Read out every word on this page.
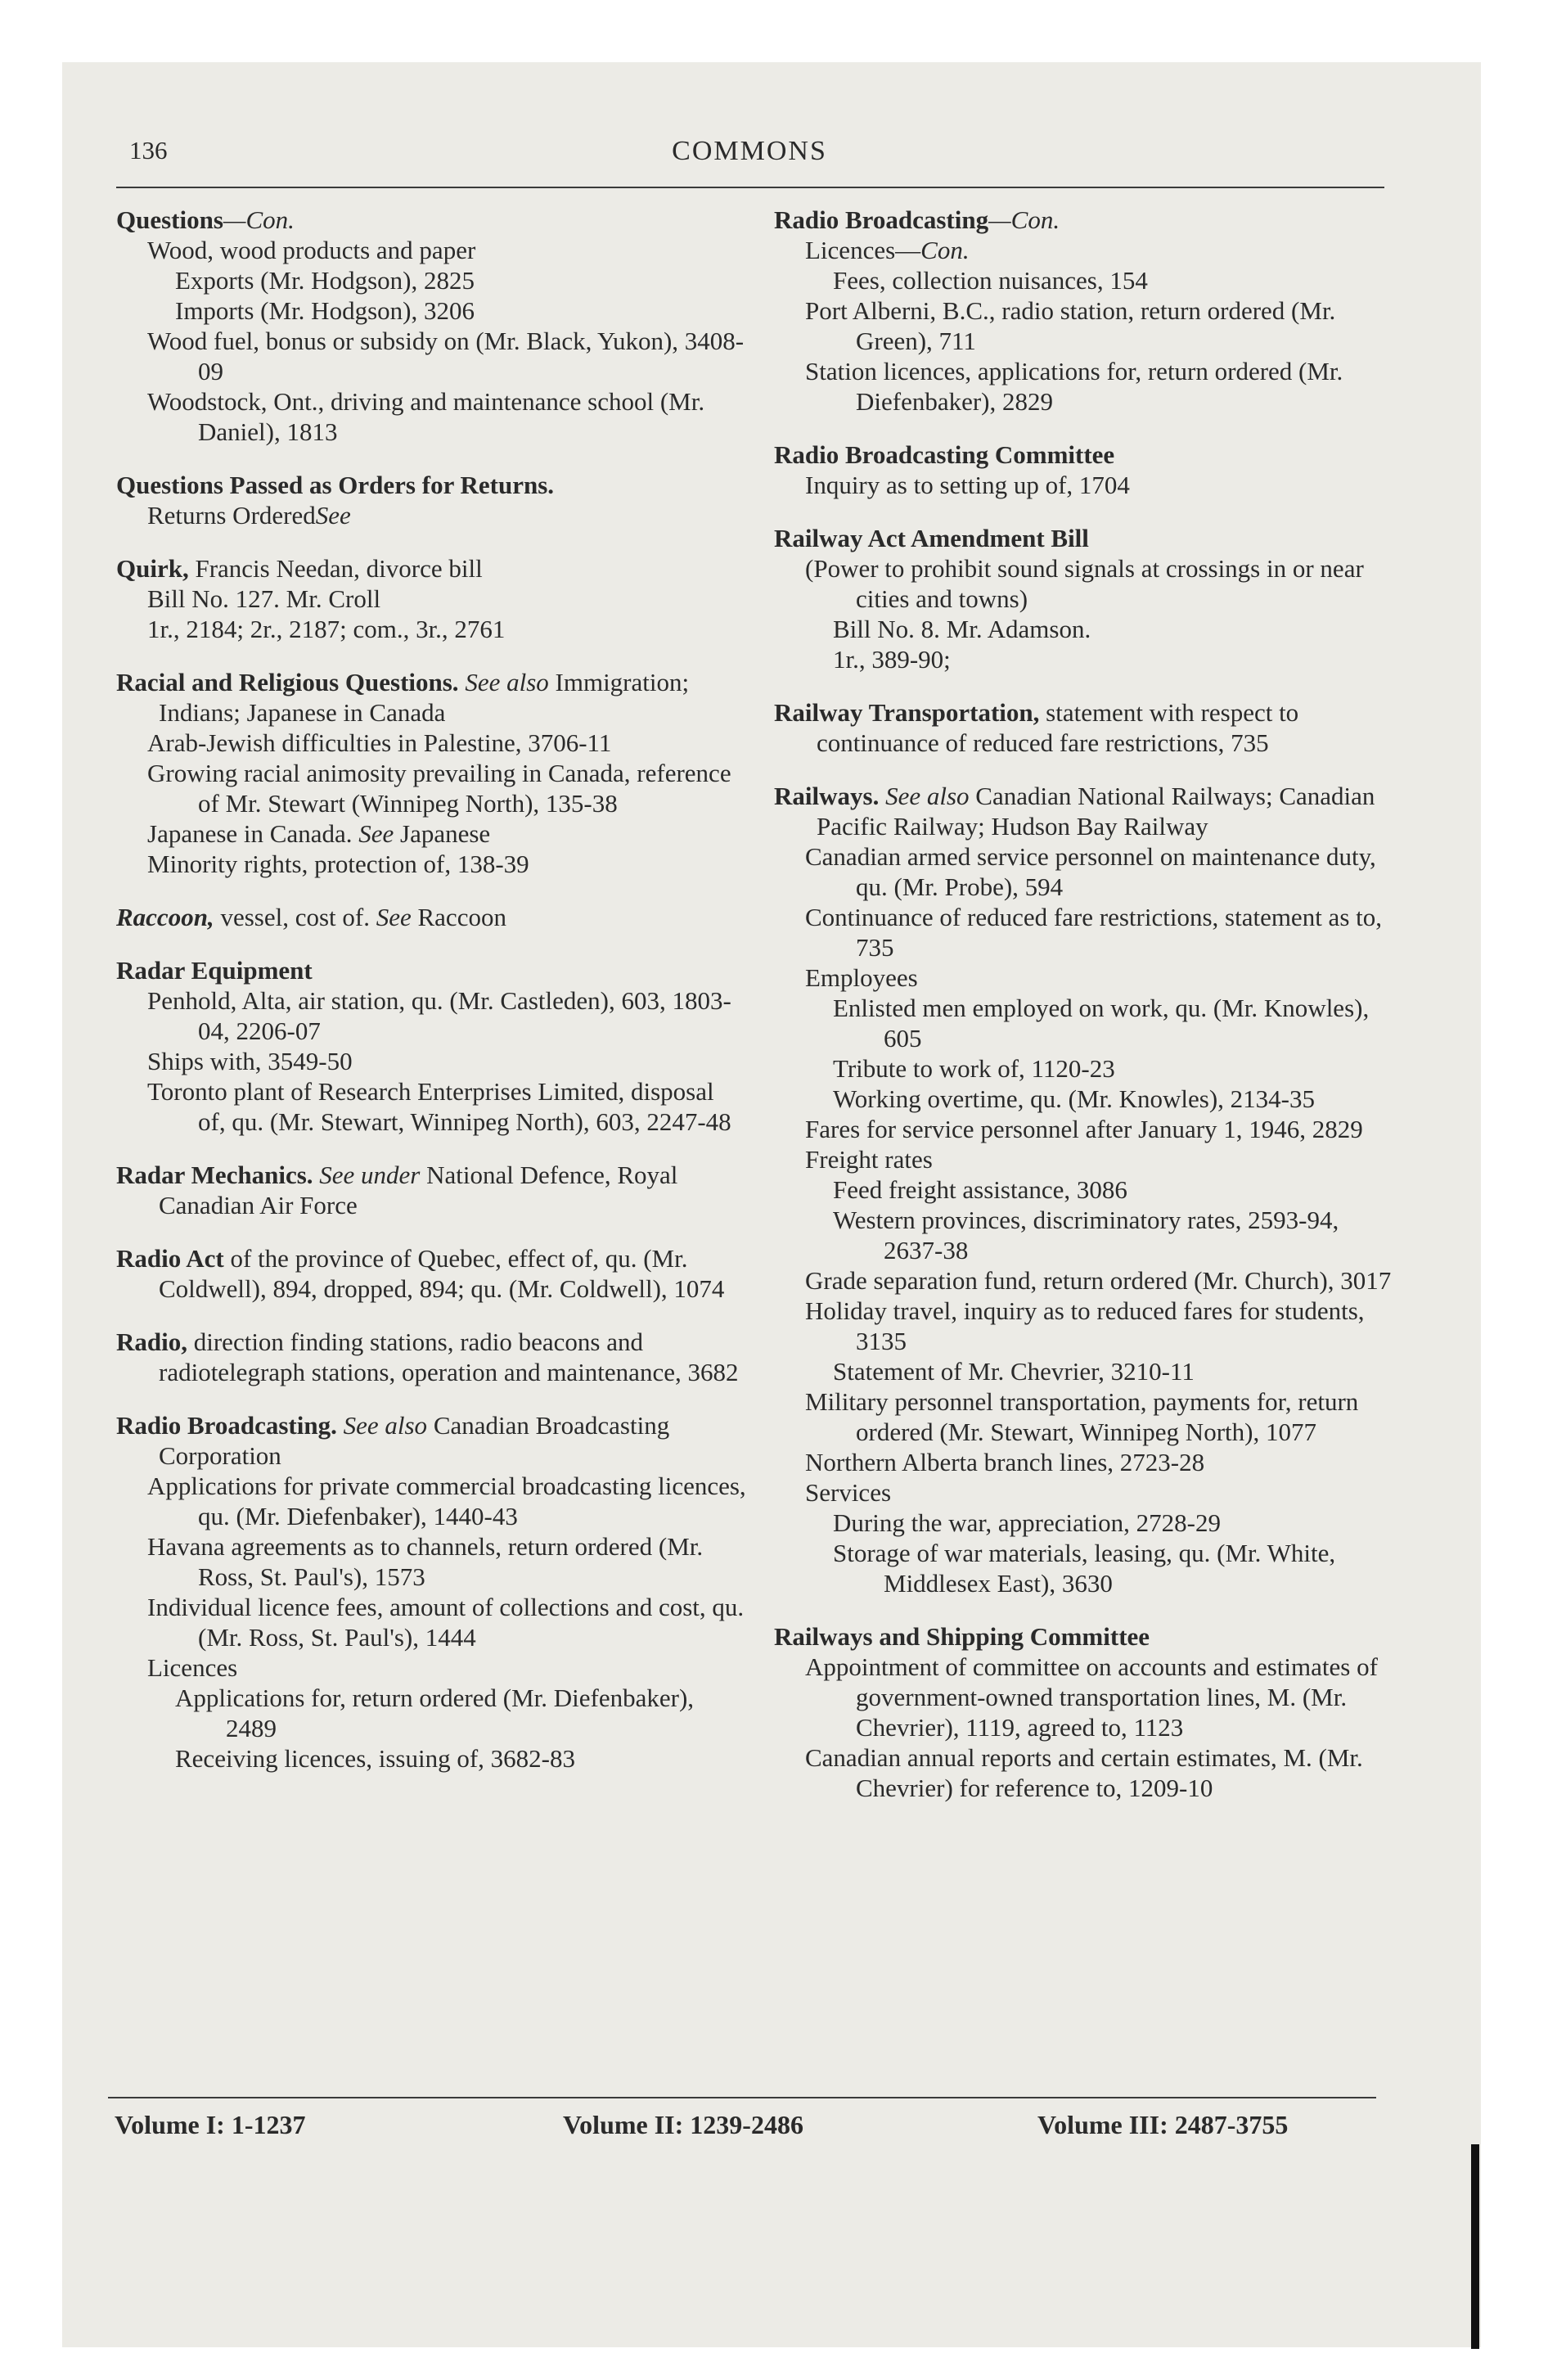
136	COMMONS
Questions—Con.
Wood, wood products and paper
Exports (Mr. Hodgson), 2825
Imports (Mr. Hodgson), 3206
Wood fuel, bonus or subsidy on (Mr. Black, Yukon), 3408-09
Woodstock, Ont., driving and maintenance school (Mr. Daniel), 1813
Questions Passed as Orders for Returns.
Returns OrderedSee
Quirk, Francis Needan, divorce bill
Bill No. 127. Mr. Croll
1r., 2184; 2r., 2187; com., 3r., 2761
Racial and Religious Questions. See also Immigration; Indians; Japanese in Canada
Arab-Jewish difficulties in Palestine, 3706-11
Growing racial animosity prevailing in Canada, reference of Mr. Stewart (Winnipeg North), 135-38
Japanese in Canada. See Japanese
Minority rights, protection of, 138-39
Raccoon, vessel, cost of. See Raccoon
Radar Equipment
Penhold, Alta, air station, qu. (Mr. Castleden), 603, 1803-04, 2206-07
Ships with, 3549-50
Toronto plant of Research Enterprises Limited, disposal of, qu. (Mr. Stewart, Winnipeg North), 603, 2247-48
Radar Mechanics. See under National Defence, Royal Canadian Air Force
Radio Act of the province of Quebec, effect of, qu. (Mr. Coldwell), 894, dropped, 894; qu. (Mr. Coldwell), 1074
Radio, direction finding stations, radio beacons and radiotelegraph stations, operation and maintenance, 3682
Radio Broadcasting. See also Canadian Broadcasting Corporation
Applications for private commercial broadcasting licences, qu. (Mr. Diefenbaker), 1440-43
Havana agreements as to channels, return ordered (Mr. Ross, St. Paul's), 1573
Individual licence fees, amount of collections and cost, qu. (Mr. Ross, St. Paul's), 1444
Licences
Applications for, return ordered (Mr. Diefenbaker), 2489
Receiving licences, issuing of, 3682-83
Radio Broadcasting—Con.
Licences—Con.
Fees, collection nuisances, 154
Port Alberni, B.C., radio station, return ordered (Mr. Green), 711
Station licences, applications for, return ordered (Mr. Diefenbaker), 2829
Radio Broadcasting Committee
Inquiry as to setting up of, 1704
Railway Act Amendment Bill
(Power to prohibit sound signals at crossings in or near cities and towns)
Bill No. 8. Mr. Adamson.
1r., 389-90;
Railway Transportation, statement with respect to continuance of reduced fare restrictions, 735
Railways. See also Canadian National Railways; Canadian Pacific Railway; Hudson Bay Railway
Canadian armed service personnel on maintenance duty, qu. (Mr. Probe), 594
Continuance of reduced fare restrictions, statement as to, 735
Employees
Enlisted men employed on work, qu. (Mr. Knowles), 605
Tribute to work of, 1120-23
Working overtime, qu. (Mr. Knowles), 2134-35
Fares for service personnel after January 1, 1946, 2829
Freight rates
Feed freight assistance, 3086
Western provinces, discriminatory rates, 2593-94, 2637-38
Grade separation fund, return ordered (Mr. Church), 3017
Holiday travel, inquiry as to reduced fares for students, 3135
Statement of Mr. Chevrier, 3210-11
Military personnel transportation, payments for, return ordered (Mr. Stewart, Winnipeg North), 1077
Northern Alberta branch lines, 2723-28
Services
During the war, appreciation, 2728-29
Storage of war materials, leasing, qu. (Mr. White, Middlesex East), 3630
Railways and Shipping Committee
Appointment of committee on accounts and estimates of government-owned transportation lines, M. (Mr. Chevrier), 1119, agreed to, 1123
Canadian annual reports and certain estimates, M. (Mr. Chevrier) for reference to, 1209-10
Volume I: 1-1237	Volume II: 1239-2486	Volume III: 2487-3755
